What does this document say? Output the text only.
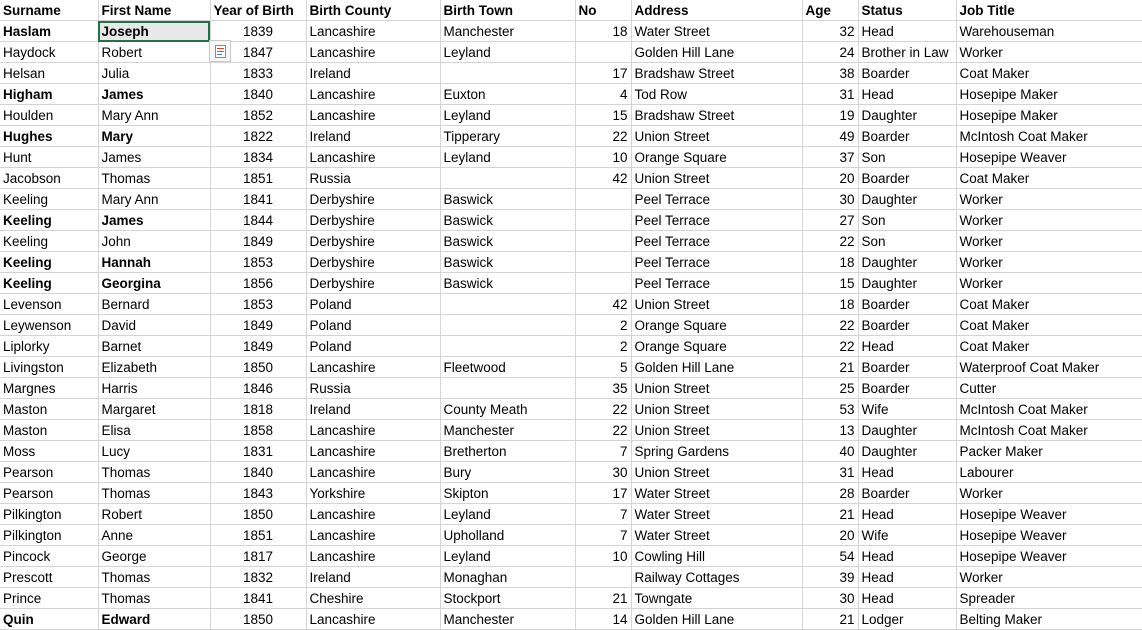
Surname	First Name	Year of Birth	Birth County	Birth Town	No	Address	Age	Status	Job Title
Haslam	Joseph	1839	Lancashire	Manchester	18	Water Street	32	Head	Warehouseman
Haydock	Robert	1847	Lancashire	Leyland		Golden Hill Lane	24	Brother in Law	Worker
Helsan	Julia	1833	Ireland		17	Bradshaw Street	38	Boarder	Coat Maker
Higham	James	1840	Lancashire	Euxton	4	Tod Row	31	Head	Hosepipe Maker
Houlden	Mary Ann	1852	Lancashire	Leyland	15	Bradshaw Street	19	Daughter	Hosepipe Maker
Hughes	Mary	1822	Ireland	Tipperary	22	Union Street	49	Boarder	McIntosh Coat Maker
Hunt	James	1834	Lancashire	Leyland	10	Orange Square	37	Son	Hosepipe Weaver
Jacobson	Thomas	1851	Russia		42	Union Street	20	Boarder	Coat Maker
Keeling	Mary Ann	1841	Derbyshire	Baswick		Peel Terrace	30	Daughter	Worker
Keeling	James	1844	Derbyshire	Baswick		Peel Terrace	27	Son	Worker
Keeling	John	1849	Derbyshire	Baswick		Peel Terrace	22	Son	Worker
Keeling	Hannah	1853	Derbyshire	Baswick		Peel Terrace	18	Daughter	Worker
Keeling	Georgina	1856	Derbyshire	Baswick		Peel Terrace	15	Daughter	Worker
Levenson	Bernard	1853	Poland		42	Union Street	18	Boarder	Coat Maker
Leywenson	David	1849	Poland		2	Orange Square	22	Boarder	Coat Maker
Liplorky	Barnet	1849	Poland		2	Orange Square	22	Head	Coat Maker
Livingston	Elizabeth	1850	Lancashire	Fleetwood	5	Golden Hill Lane	21	Boarder	Waterproof Coat Maker
Margnes	Harris	1846	Russia		35	Union Street	25	Boarder	Cutter
Maston	Margaret	1818	Ireland	County Meath	22	Union Street	53	Wife	McIntosh Coat Maker
Maston	Elisa	1858	Lancashire	Manchester	22	Union Street	13	Daughter	McIntosh Coat Maker
Moss	Lucy	1831	Lancashire	Bretherton	7	Spring Gardens	40	Daughter	Packer Maker
Pearson	Thomas	1840	Lancashire	Bury	30	Union Street	31	Head	Labourer
Pearson	Thomas	1843	Yorkshire	Skipton	17	Water Street	28	Boarder	Worker
Pilkington	Robert	1850	Lancashire	Leyland	7	Water Street	21	Head	Hosepipe Weaver
Pilkington	Anne	1851	Lancashire	Upholland	7	Water Street	20	Wife	Hosepipe Weaver
Pincock	George	1817	Lancashire	Leyland	10	Cowling Hill	54	Head	Hosepipe Weaver
Prescott	Thomas	1832	Ireland	Monaghan		Railway Cottages	39	Head	Worker
Prince	Thomas	1841	Cheshire	Stockport	21	Towngate	30	Head	Spreader
Quin	Edward	1850	Lancashire	Manchester	14	Golden Hill Lane	21	Lodger	Belting Maker
